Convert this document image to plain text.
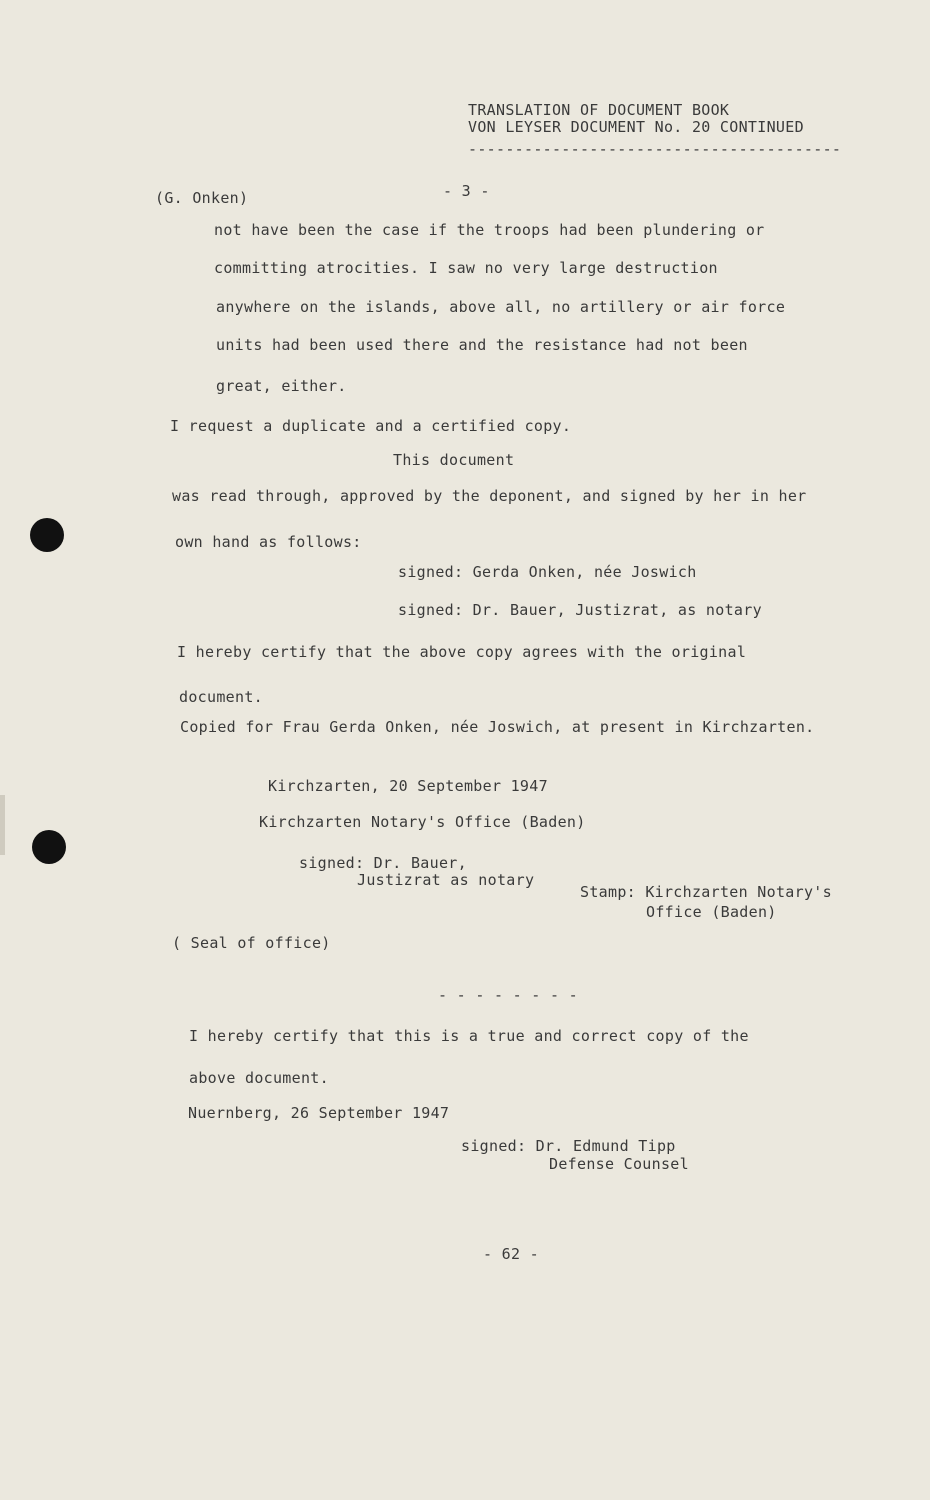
TRANSLATION OF DOCUMENT BOOK
VON LEYSER DOCUMENT No. 20 CONTINUED
----------------------------------------
(G. Onken)	- 3 -
not have been the case if the troops had been plundering or
committing atrocities. I saw no very large destruction
anywhere on the islands, above all, no artillery or air force
units had been used there and the resistance had not been
great, either.
I request a duplicate and a certified copy.
This document
was read through, approved by the deponent, and signed by her in her
own hand as follows:
signed: Gerda Onken, née Joswich
signed: Dr. Bauer, Justizrat, as notary
I hereby certify that the above copy agrees with the original
document.
Copied for Frau Gerda Onken, née Joswich, at present in Kirchzarten.
Kirchzarten, 20 September 1947
Kirchzarten Notary's Office (Baden)
signed: Dr. Bauer,
Justizrat as notary
Stamp: Kirchzarten Notary's
Office (Baden)
( Seal of office)
- - - - - - - -
I hereby certify that this is a true and correct copy of the
above document.
Nuernberg, 26 September 1947
signed: Dr. Edmund Tipp
Defense Counsel
- 62 -
